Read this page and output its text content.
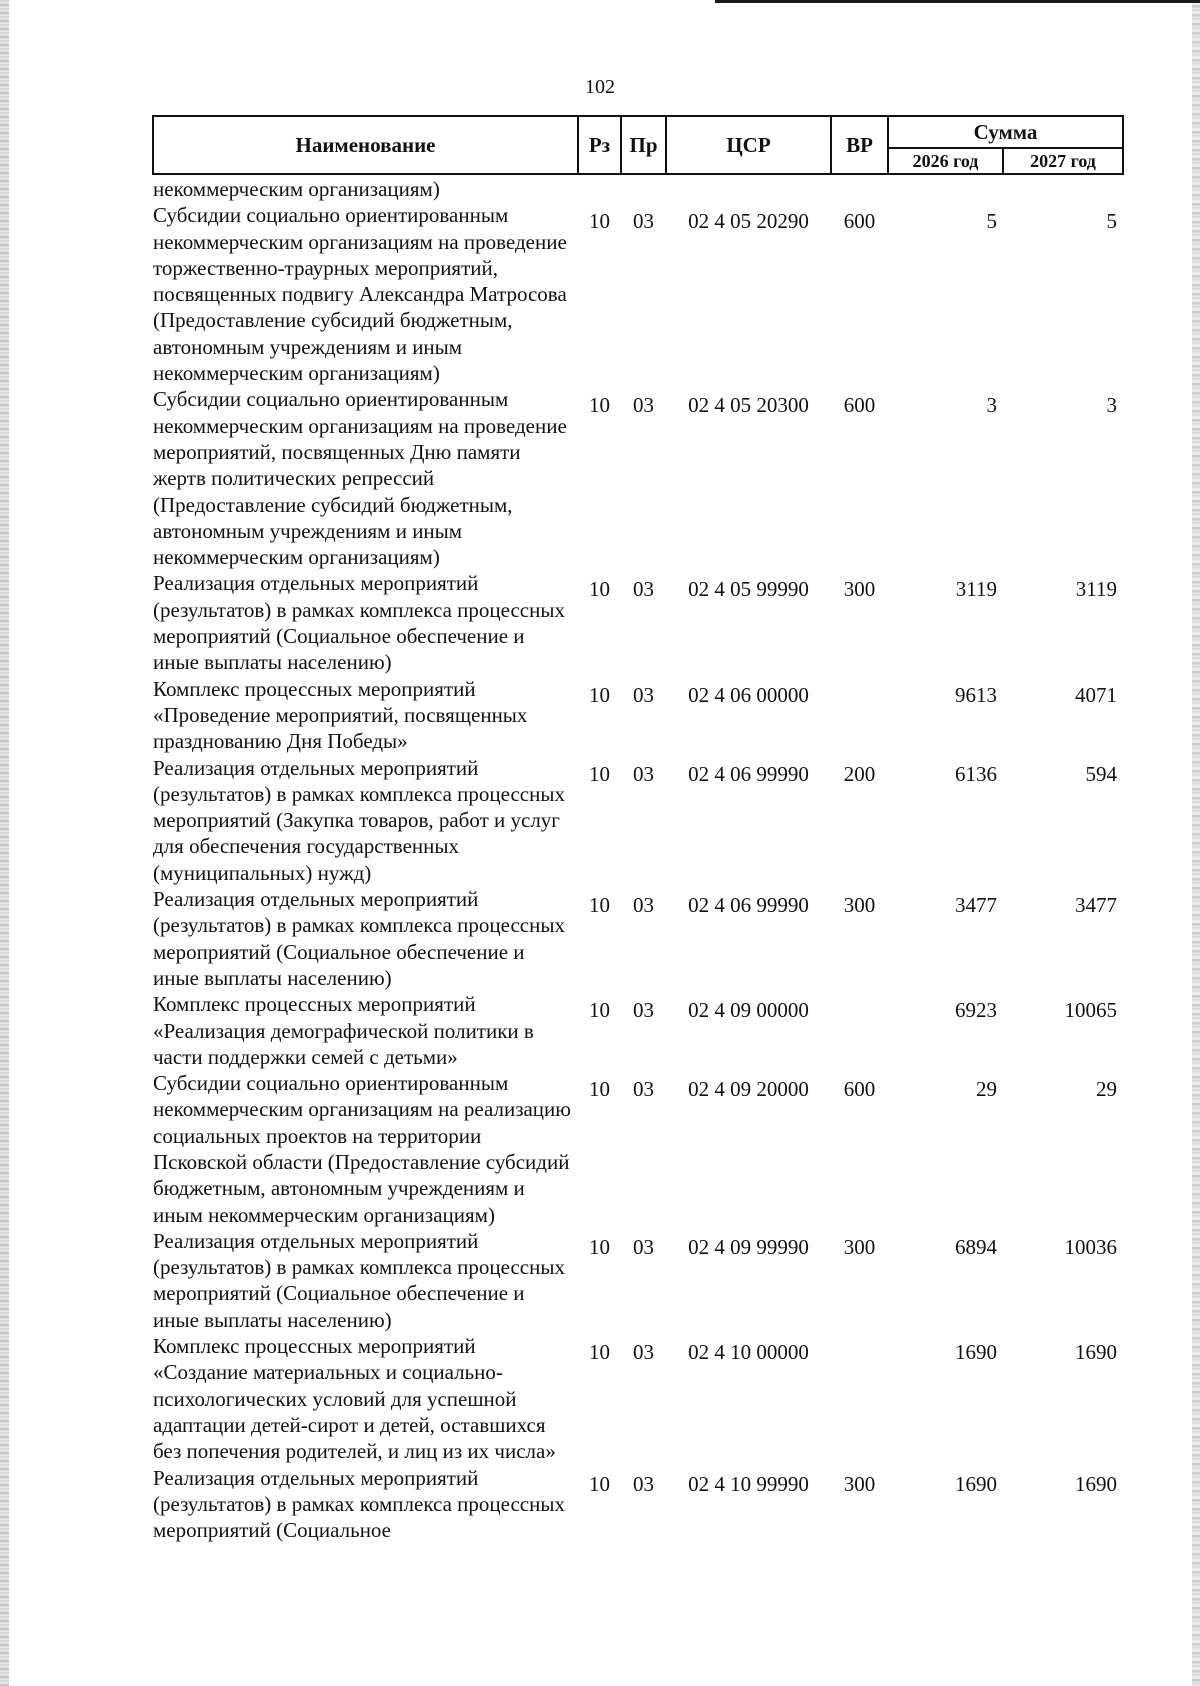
102
Наименование	Рз	Пр	ЦСР	ВР	Сумма	
					2026 год	2027 год
некоммерческим организациям)						
Субсидии социально ориентированным некоммерческим организациям на проведение торжественно-траурных мероприятий, посвященных подвигу Александра Матросова (Предоставление субсидий бюджетным, автономным учреждениям и иным некоммерческим организациям)	10	03	02 4 05 20290	600	5	5
Субсидии социально ориентированным некоммерческим организациям на проведение мероприятий, посвященных Дню памяти жертв политических репрессий (Предоставление субсидий бюджетным, автономным учреждениям и иным некоммерческим организациям)	10	03	02 4 05 20300	600	3	3
Реализация отдельных мероприятий (результатов) в рамках комплекса процессных мероприятий (Социальное обеспечение и иные выплаты населению)	10	03	02 4 05 99990	300	3119	3119
Комплекс процессных мероприятий «Проведение мероприятий, посвященных празднованию Дня Победы»	10	03	02 4 06 00000		9613	4071
Реализация отдельных мероприятий (результатов) в рамках комплекса процессных мероприятий (Закупка товаров, работ и услуг для обеспечения государственных (муниципальных) нужд)	10	03	02 4 06 99990	200	6136	594
Реализация отдельных мероприятий (результатов) в рамках комплекса процессных мероприятий (Социальное обеспечение и иные выплаты населению)	10	03	02 4 06 99990	300	3477	3477
Комплекс процессных мероприятий «Реализация демографической политики в части поддержки семей с детьми»	10	03	02 4 09 00000		6923	10065
Субсидии социально ориентированным некоммерческим организациям на реализацию социальных проектов на территории Псковской области (Предоставление субсидий бюджетным, автономным учреждениям и иным некоммерческим организациям)	10	03	02 4 09 20000	600	29	29
Реализация отдельных мероприятий (результатов) в рамках комплекса процессных мероприятий (Социальное обеспечение и иные выплаты населению)	10	03	02 4 09 99990	300	6894	10036
Комплекс процессных мероприятий «Создание материальных и социально-психологических условий для успешной адаптации детей-сирот и детей, оставшихся без попечения родителей, и лиц из их числа»	10	03	02 4 10 00000		1690	1690
Реализация отдельных мероприятий (результатов) в рамках комплекса процессных мероприятий (Социальное	10	03	02 4 10 99990	300	1690	1690
